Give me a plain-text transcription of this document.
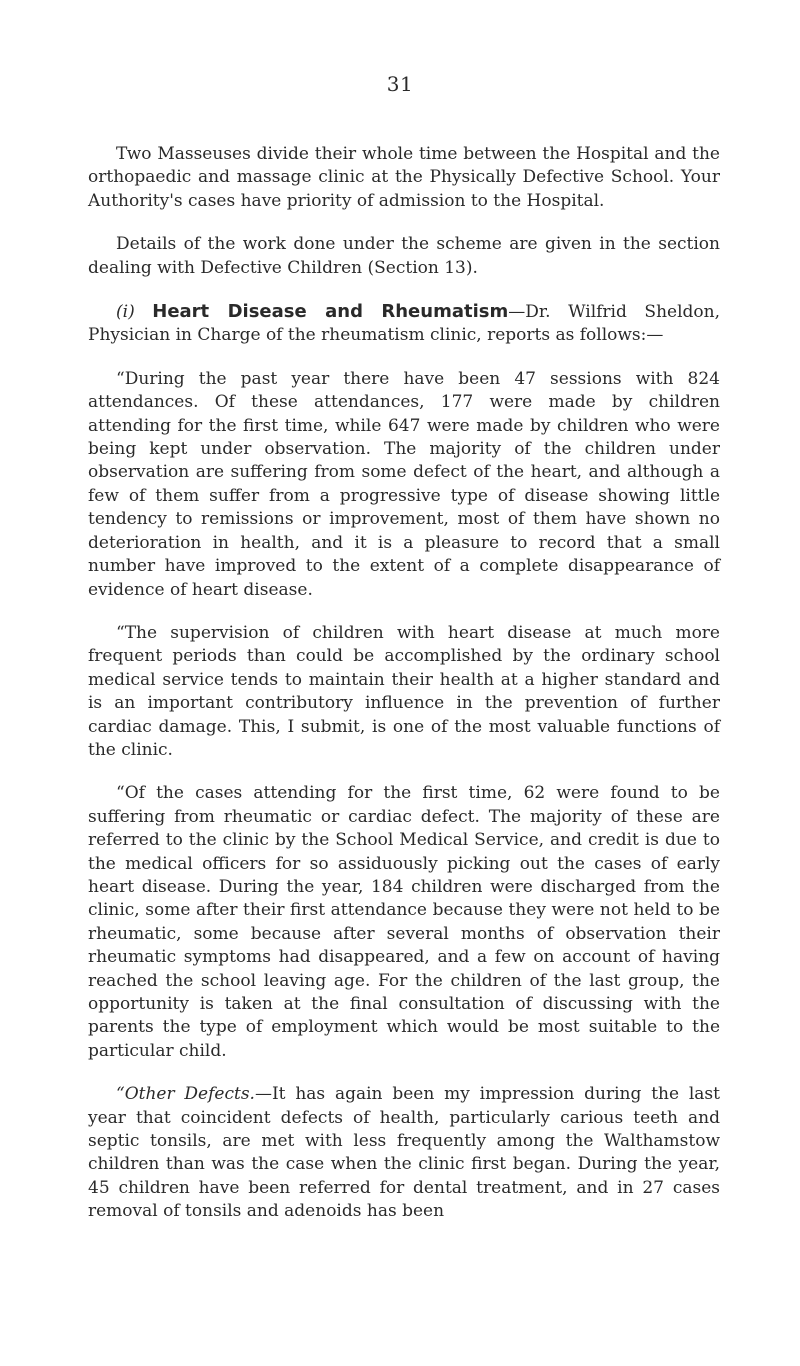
31

Two Masseuses divide their whole time between the Hospital and the orthopaedic and massage clinic at the Physically Defective School. Your Authority's cases have priority of admission to the Hospital.

Details of the work done under the scheme are given in the section dealing with Defective Children (Section 13).

(i) Heart Disease and Rheumatism—Dr. Wilfrid Sheldon, Physician in Charge of the rheumatism clinic, reports as follows:—

“During the past year there have been 47 sessions with 824 attendances. Of these attendances, 177 were made by children attending for the first time, while 647 were made by children who were being kept under observation. The majority of the children under observation are suffering from some defect of the heart, and although a few of them suffer from a progressive type of disease showing little tendency to remissions or improvement, most of them have shown no deterioration in health, and it is a pleasure to record that a small number have improved to the extent of a complete disappearance of evidence of heart disease.

“The supervision of children with heart disease at much more frequent periods than could be accomplished by the ordinary school medical service tends to maintain their health at a higher standard and is an important contributory influence in the prevention of further cardiac damage. This, I submit, is one of the most valuable functions of the clinic.

“Of the cases attending for the first time, 62 were found to be suffering from rheumatic or cardiac defect. The majority of these are referred to the clinic by the School Medical Service, and credit is due to the medical officers for so assiduously picking out the cases of early heart disease. During the year, 184 children were discharged from the clinic, some after their first attendance because they were not held to be rheumatic, some because after several months of observation their rheumatic symptoms had disappeared, and a few on account of having reached the school leaving age. For the children of the last group, the opportunity is taken at the final consultation of discussing with the parents the type of employment which would be most suitable to the particular child.

“Other Defects.—It has again been my impression during the last year that coincident defects of health, particularly carious teeth and septic tonsils, are met with less frequently among the Walthamstow children than was the case when the clinic first began. During the year, 45 children have been referred for dental treatment, and in 27 cases removal of tonsils and adenoids has been
